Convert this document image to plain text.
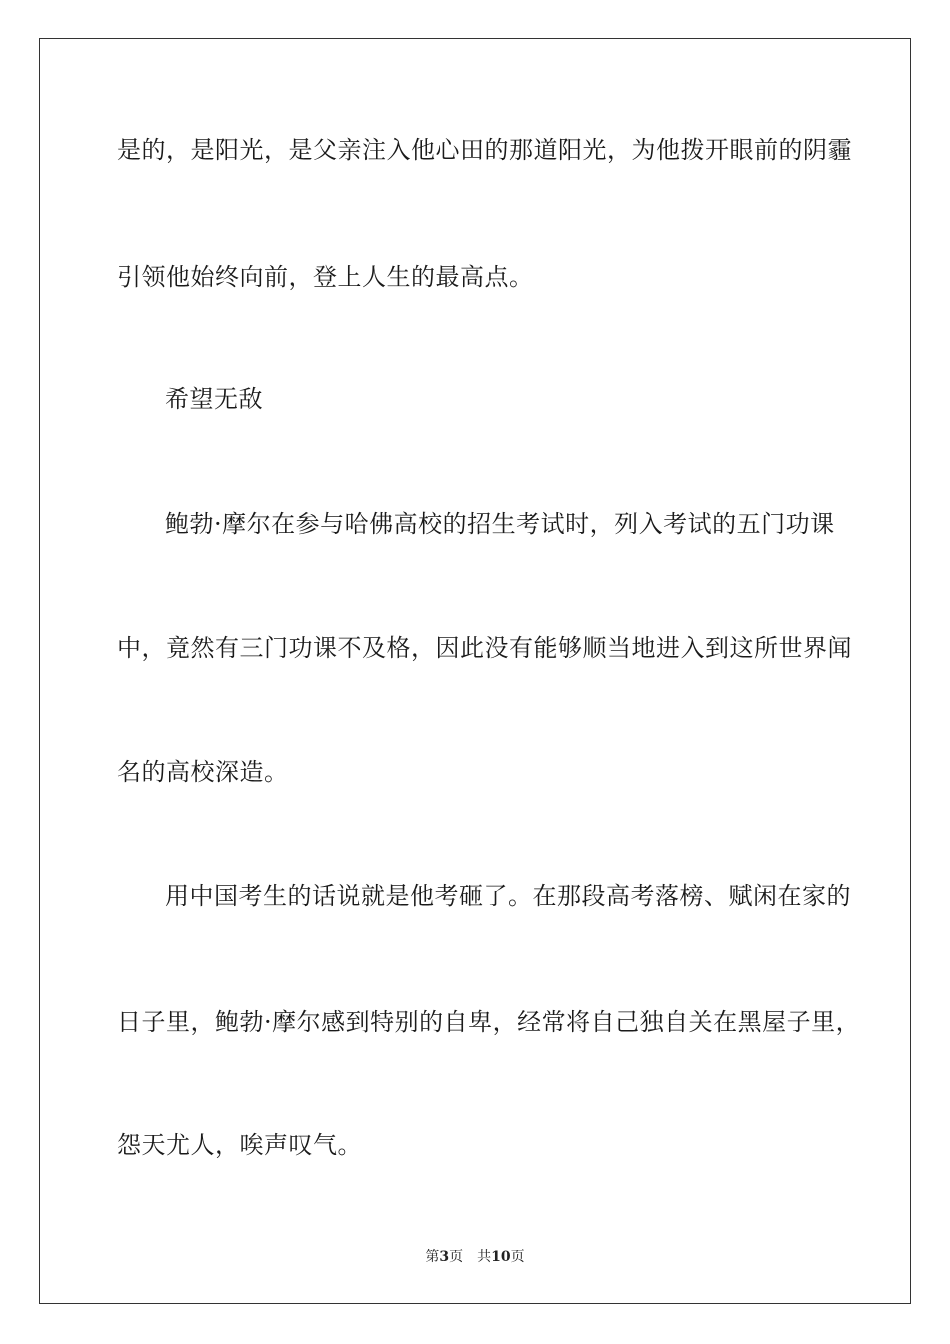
是的，是阳光，是父亲注入他心田的那道阳光，为他拨开眼前的阴霾
引领他始终向前，登上人生的最高点。
希望无敌
鲍勃·摩尔在参与哈佛高校的招生考试时，列入考试的五门功课
中，竟然有三门功课不及格，因此没有能够顺当地进入到这所世界闻
名的高校深造。
用中国考生的话说就是他考砸了。在那段高考落榜、赋闲在家的
日子里，鲍勃·摩尔感到特别的自卑，经常将自己独自关在黑屋子里，
怨天尤人，唉声叹气。
第3页 共10页
